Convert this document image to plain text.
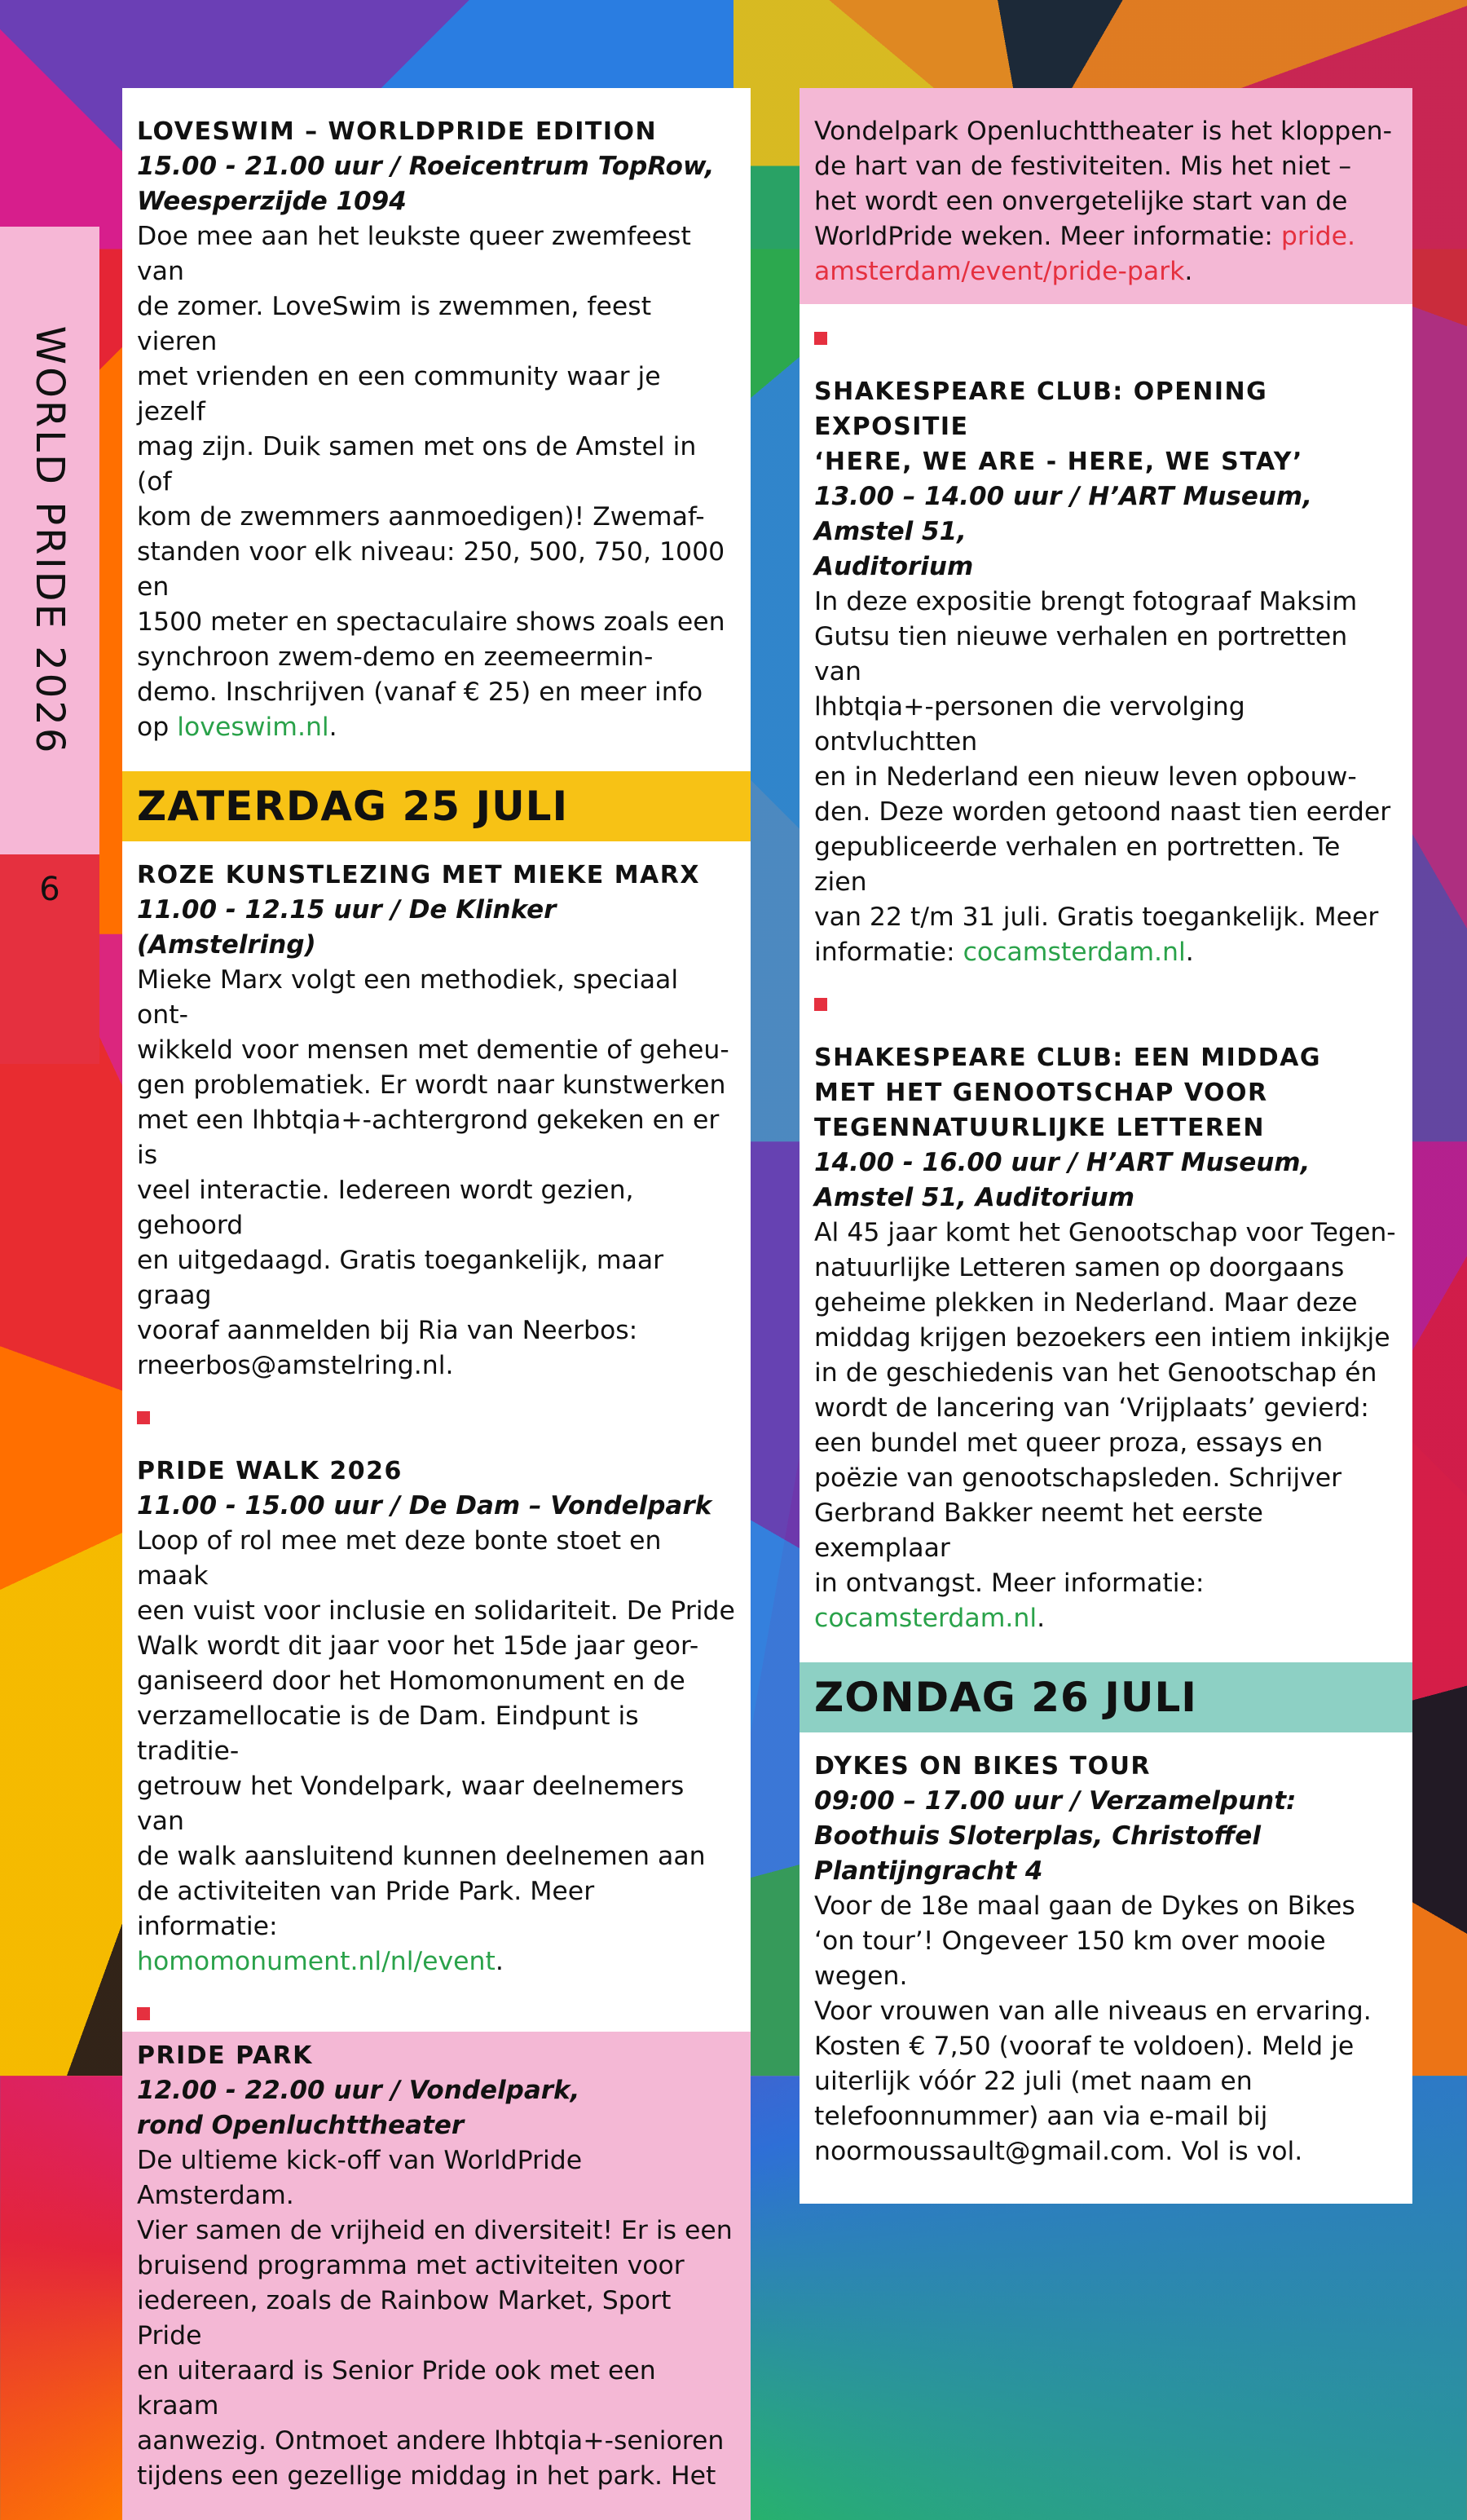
WORLD PRIDE 2026
6
LOVESWIM – WORLDPRIDE EDITION
15.00 - 21.00 uur / Roeicentrum TopRow,
Weesperzijde 1094
Doe mee aan het leukste queer zwemfeest van
de zomer. LoveSwim is zwemmen, feest vieren
met vrienden en een community waar je jezelf
mag zijn. Duik samen met ons de Amstel in (of
kom de zwemmers aanmoedigen)! Zwemaf-
standen voor elk niveau: 250, 500, 750, 1000 en
1500 meter en spectaculaire shows zoals een
synchroon zwem-demo en zeemeermin-
demo. Inschrijven (vanaf € 25) en meer info
op loveswim.nl.
ZATERDAG 25 JULI
ROZE KUNSTLEZING MET MIEKE MARX
11.00 - 12.15 uur / De Klinker (Amstelring)
Mieke Marx volgt een methodiek, speciaal ont-
wikkeld voor mensen met dementie of geheu-
gen problematiek. Er wordt naar kunstwerken
met een lhbtqia+-achtergrond gekeken en er is
veel interactie. Iedereen wordt gezien, gehoord
en uitgedaagd. Gratis toegankelijk, maar graag
vooraf aanmelden bij Ria van Neerbos:
rneerbos@amstelring.nl.
PRIDE WALK 2026
11.00 - 15.00 uur / De Dam – Vondelpark
Loop of rol mee met deze bonte stoet en maak
een vuist voor inclusie en solidariteit. De Pride
Walk wordt dit jaar voor het 15de jaar geor-
ganiseerd door het Homomonument en de
verzamellocatie is de Dam. Eindpunt is traditie-
getrouw het Vondelpark, waar deelnemers van
de walk aansluitend kunnen deelnemen aan
de activiteiten van Pride Park. Meer informatie:
homomonument.nl/nl/event.
PRIDE PARK
12.00 - 22.00 uur / Vondelpark,
rond Openluchttheater
De ultieme kick-off van WorldPride Amsterdam.
Vier samen de vrijheid en diversiteit! Er is een
bruisend programma met activiteiten voor
iedereen, zoals de Rainbow Market, Sport Pride
en uiteraard is Senior Pride ook met een kraam
aanwezig. Ontmoet andere lhbtqia+-senioren
tijdens een gezellige middag in het park. Het
Vondelpark Openluchttheater is het kloppen-
de hart van de festiviteiten. Mis het niet –
het wordt een onvergetelijke start van de
WorldPride weken. Meer informatie: pride.
amsterdam/event/pride-park.
SHAKESPEARE CLUB: OPENING EXPOSITIE
‘HERE, WE ARE - HERE, WE STAY’
13.00 – 14.00 uur / H’ART Museum, Amstel 51,
Auditorium
In deze expositie brengt fotograaf Maksim
Gutsu tien nieuwe verhalen en portretten van
lhbtqia+-personen die vervolging ontvluchtten
en in Nederland een nieuw leven opbouw-
den. Deze worden getoond naast tien eerder
gepubliceerde verhalen en portretten. Te zien
van 22 t/m 31 juli. Gratis toegankelijk. Meer
informatie: cocamsterdam.nl.
SHAKESPEARE CLUB: EEN MIDDAG
MET HET GENOOTSCHAP VOOR
TEGENNATUURLIJKE LETTEREN
14.00 - 16.00 uur / H’ART Museum,
Amstel 51, Auditorium
Al 45 jaar komt het Genootschap voor Tegen-
natuurlijke Letteren samen op doorgaans
geheime plekken in Nederland. Maar deze
middag krijgen bezoekers een intiem inkijkje
in de geschiedenis van het Genootschap én
wordt de lancering van ‘Vrijplaats’ gevierd:
een bundel met queer proza, essays en
poëzie van genootschapsleden. Schrijver
Gerbrand Bakker neemt het eerste exemplaar
in ontvangst. Meer informatie:
cocamsterdam.nl.
ZONDAG 26 JULI
DYKES ON BIKES TOUR
09:00 – 17.00 uur / Verzamelpunt:
Boothuis Sloterplas, Christoffel
Plantijngracht 4
Voor de 18e maal gaan de Dykes on Bikes
‘on tour’! Ongeveer 150 km over mooie wegen.
Voor vrouwen van alle niveaus en ervaring.
Kosten € 7,50 (vooraf te voldoen). Meld je
uiterlijk vóór 22 juli (met naam en
telefoonnummer) aan via e-mail bij
noormoussault@gmail.com. Vol is vol.
